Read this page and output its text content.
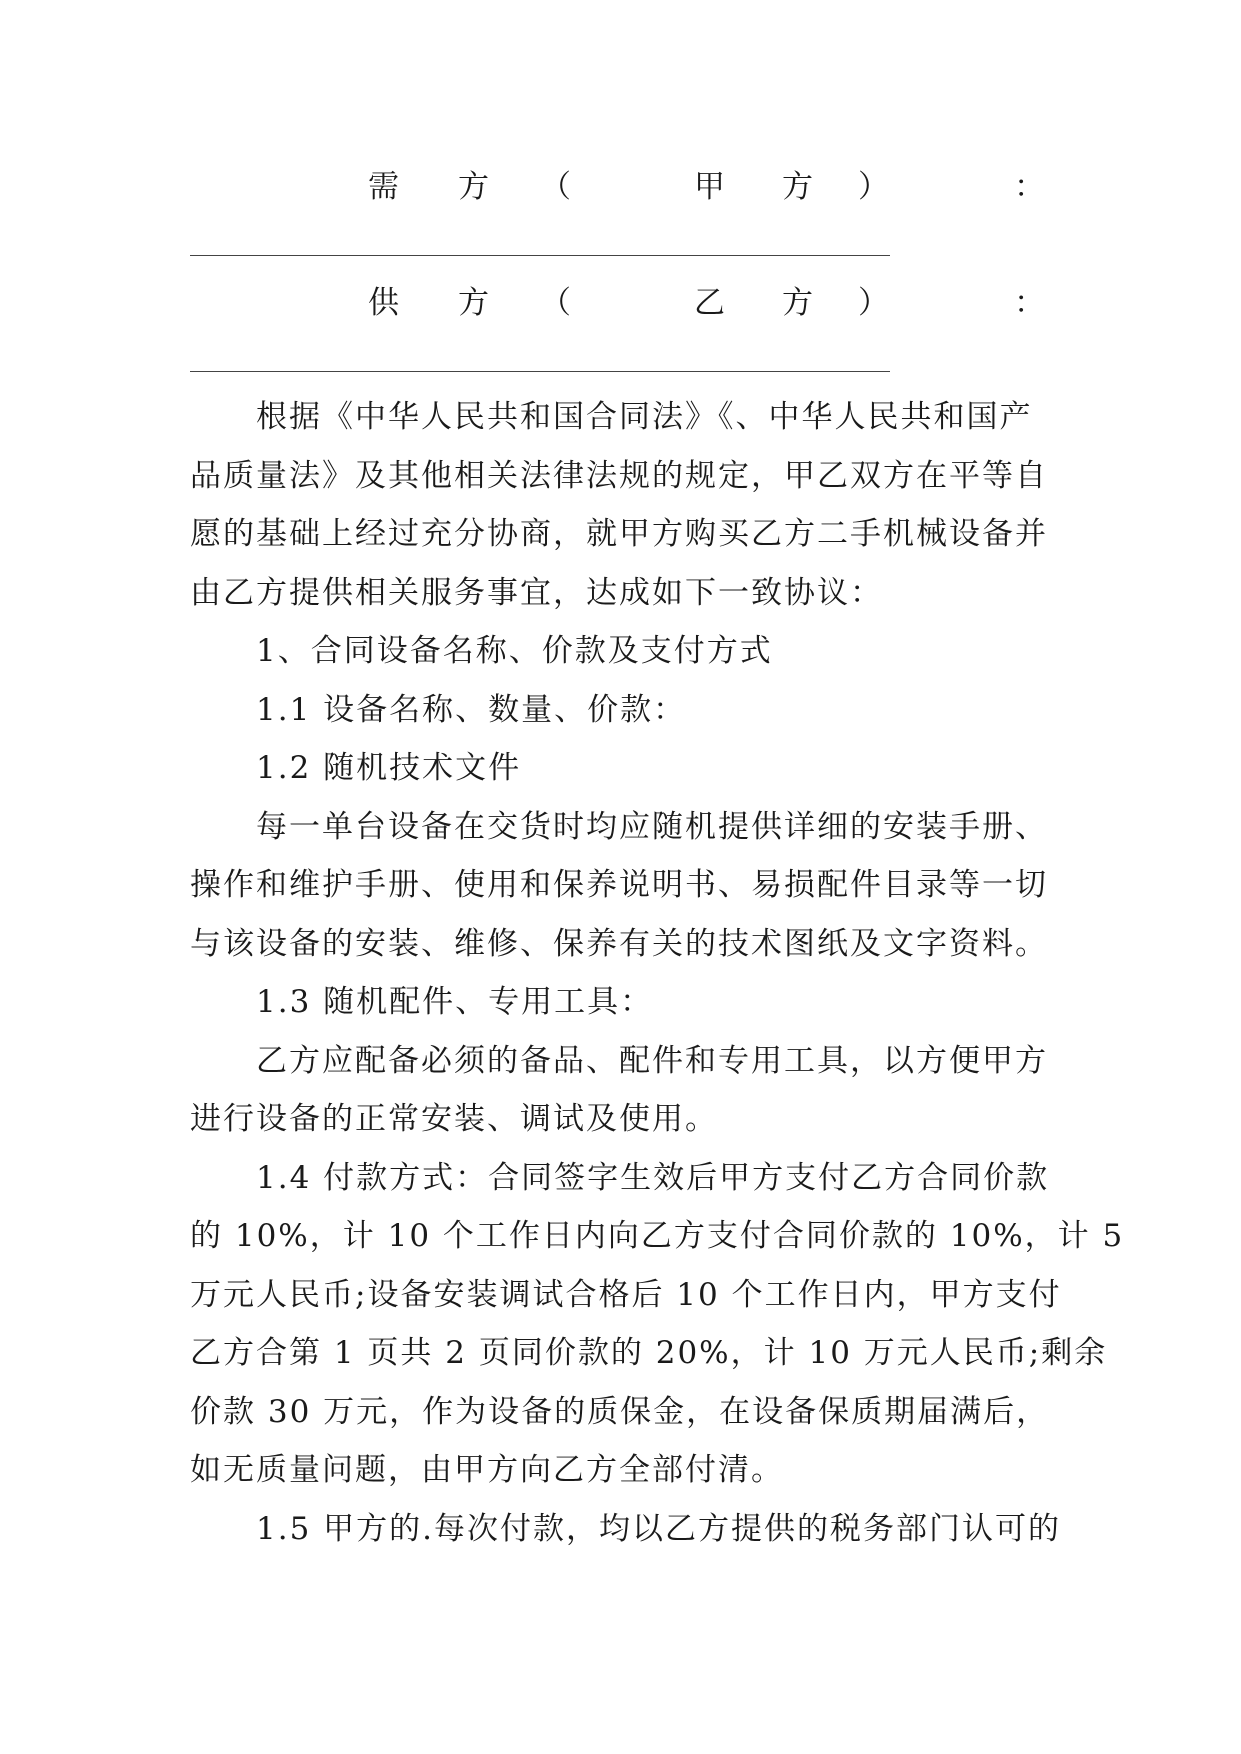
需 方 （	甲 方 ）	：
供 方 （	乙 方 ）	：

根据《中华人民共和国合同法》《、中华人民共和国产

品质量法》及其他相关法律法规的规定，甲乙双方在平等自

愿的基础上经过充分协商，就甲方购买乙方二手机械设备并

由乙方提供相关服务事宜，达成如下一致协议：

1、合同设备名称、价款及支付方式

1.1 设备名称、数量、价款：

1.2 随机技术文件

每一单台设备在交货时均应随机提供详细的安装手册、

操作和维护手册、使用和保养说明书、易损配件目录等一切

与该设备的安装、维修、保养有关的技术图纸及文字资料。

1.3 随机配件、专用工具：

乙方应配备必须的备品、配件和专用工具，以方便甲方

进行设备的正常安装、调试及使用。

1.4 付款方式：合同签字生效后甲方支付乙方合同价款

的 10%，计 10 个工作日内向乙方支付合同价款的 10%，计 5

万元人民币;设备安装调试合格后 10 个工作日内，甲方支付

乙方合第 1 页共 2 页同价款的 20%，计 10 万元人民币;剩余

价款 30 万元，作为设备的质保金，在设备保质期届满后，

如无质量问题，由甲方向乙方全部付清。

1.5 甲方的.每次付款，均以乙方提供的税务部门认可的
